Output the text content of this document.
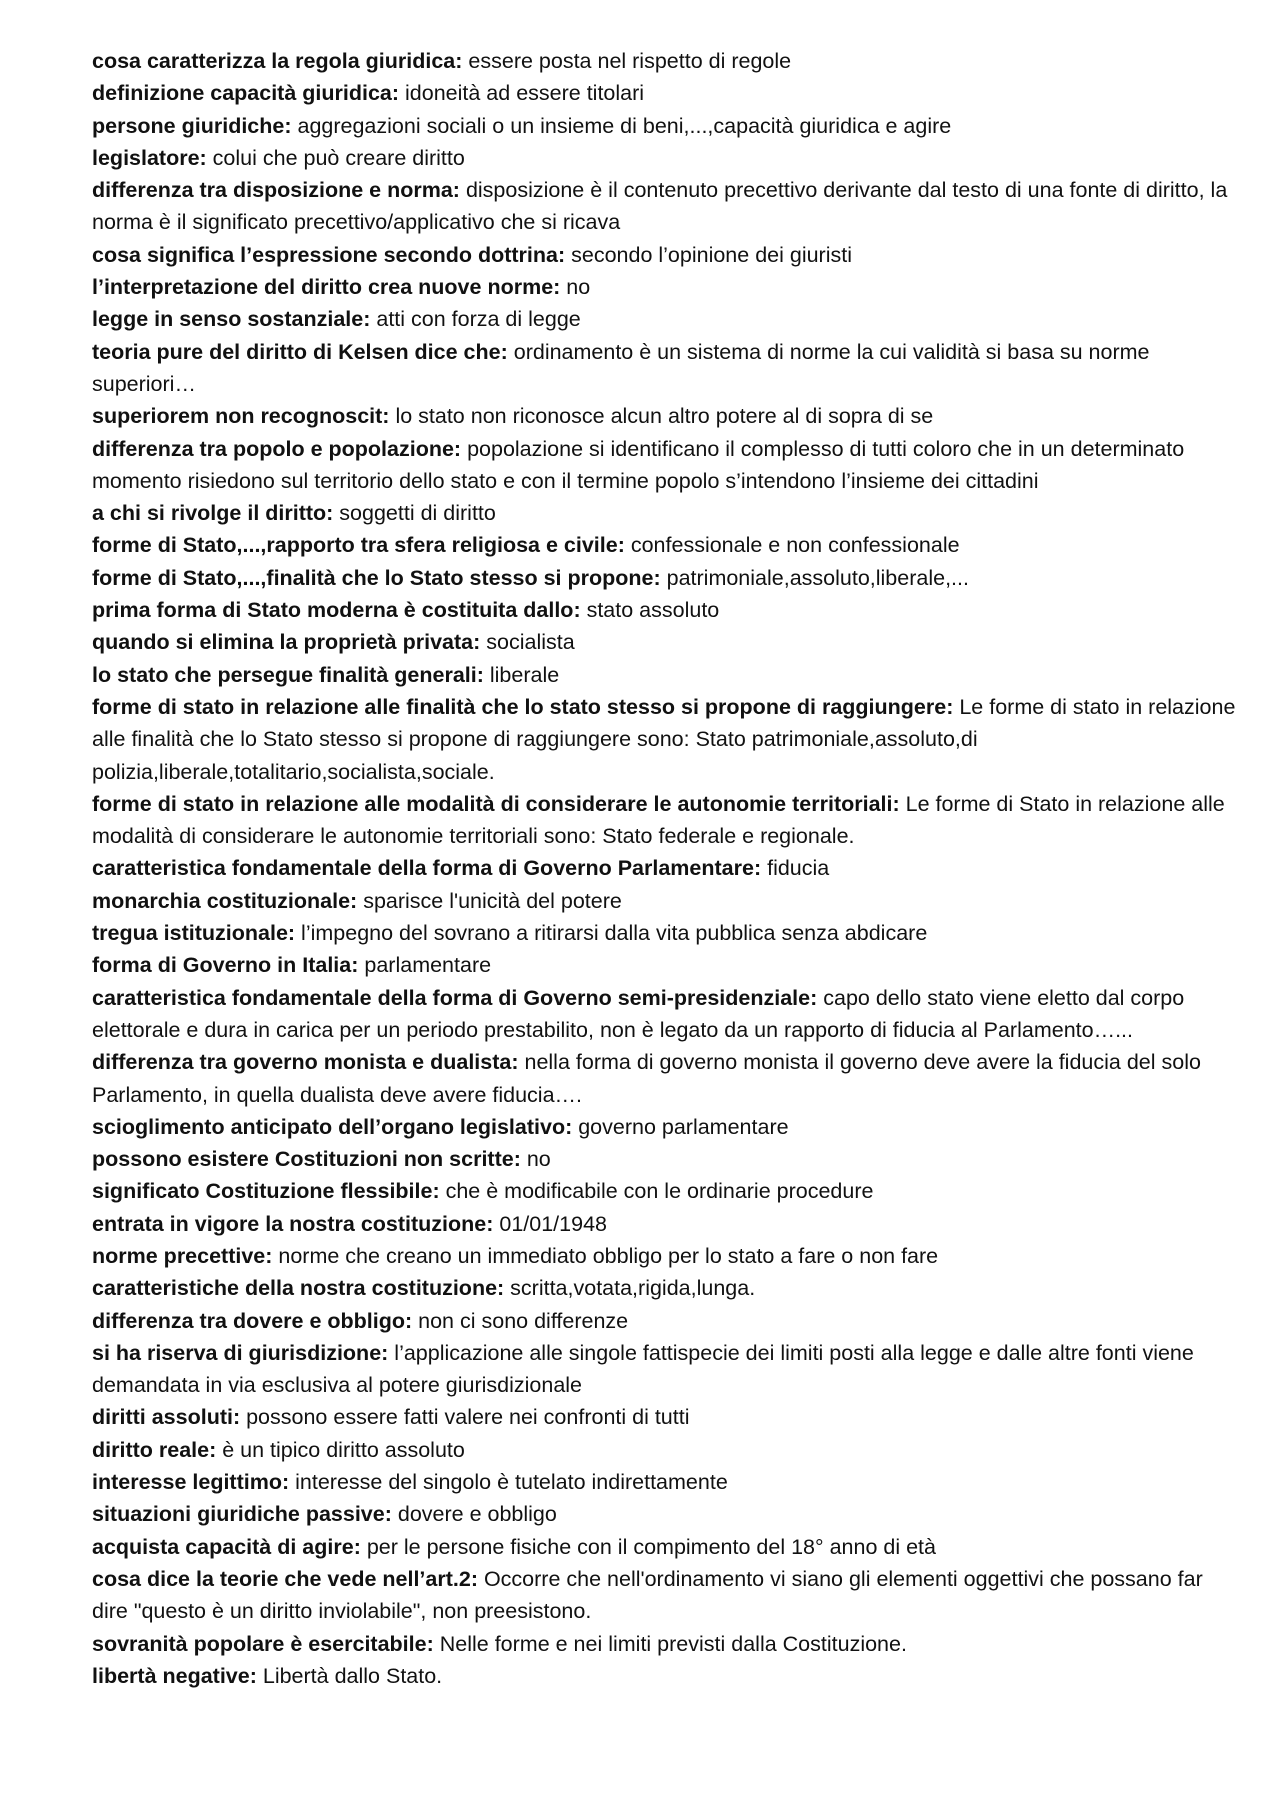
cosa caratterizza la regola giuridica: essere posta nel rispetto di regole

definizione capacità giuridica: idoneità ad essere titolari

persone giuridiche: aggregazioni sociali o un insieme di beni,...,capacità giuridica e agire

legislatore: colui che può creare diritto

differenza tra disposizione e norma: disposizione è il contenuto precettivo derivante dal testo di una fonte di diritto, la norma è il significato precettivo/applicativo che si ricava

cosa significa l’espressione secondo dottrina: secondo l’opinione dei giuristi

l’interpretazione del diritto crea nuove norme: no

legge in senso sostanziale: atti con forza di legge

teoria pure del diritto di Kelsen dice che: ordinamento è un sistema di norme la cui validità si basa su norme superiori…

superiorem non recognoscit: lo stato non riconosce alcun altro potere al di sopra di se

differenza tra popolo e popolazione: popolazione si identificano il complesso di tutti coloro che in un determinato momento risiedono sul territorio dello stato e con il termine popolo s’intendono l’insieme dei cittadini

a chi si rivolge il diritto: soggetti di diritto

forme di Stato,...,rapporto tra sfera religiosa e civile: confessionale e non confessionale

forme di Stato,...,finalità che lo Stato stesso si propone: patrimoniale,assoluto,liberale,...

prima forma di Stato moderna è costituita dallo: stato assoluto

quando si elimina la proprietà privata: socialista

lo stato che persegue finalità generali: liberale

forme di stato in relazione alle finalità che lo stato stesso si propone di raggiungere: Le forme di stato in relazione alle finalità che lo Stato stesso si propone di raggiungere sono: Stato patrimoniale,assoluto,di polizia,liberale,totalitario,socialista,sociale.

forme di stato in relazione alle modalità di considerare le autonomie territoriali: Le forme di Stato in relazione alle modalità di considerare le autonomie territoriali sono: Stato federale e regionale.

caratteristica fondamentale della forma di Governo Parlamentare: fiducia

monarchia costituzionale: sparisce l'unicità del potere

tregua istituzionale: l’impegno del sovrano a ritirarsi dalla vita pubblica senza abdicare

forma di Governo in Italia: parlamentare

caratteristica fondamentale della forma di Governo semi-presidenziale: capo dello stato viene eletto dal corpo elettorale e dura in carica per un periodo prestabilito, non è legato da un rapporto di fiducia al Parlamento…...

differenza tra governo monista e dualista: nella forma di governo monista il governo deve avere la fiducia del solo Parlamento, in quella dualista deve avere fiducia….

scioglimento anticipato dell’organo legislativo: governo parlamentare

possono esistere Costituzioni non scritte: no

significato Costituzione flessibile: che è modificabile con le ordinarie procedure

entrata in vigore la nostra costituzione: 01/01/1948

norme precettive: norme che creano un immediato obbligo per lo stato a fare o non fare

caratteristiche della nostra costituzione: scritta,votata,rigida,lunga.

differenza tra dovere e obbligo: non ci sono differenze

si ha riserva di giurisdizione: l’applicazione alle singole fattispecie dei limiti posti alla legge e dalle altre fonti viene demandata in via esclusiva al potere giurisdizionale

diritti assoluti: possono essere fatti valere nei confronti di tutti

diritto reale: è un tipico diritto assoluto

interesse legittimo: interesse del singolo è tutelato indirettamente

situazioni giuridiche passive: dovere e obbligo

acquista capacità di agire: per le persone fisiche con il compimento del 18° anno di età

cosa dice la teorie che vede nell’art.2: Occorre che nell'ordinamento vi siano gli elementi oggettivi che possano far dire "questo è un diritto inviolabile", non preesistono.

sovranità popolare è esercitabile: Nelle forme e nei limiti previsti dalla Costituzione.

libertà negative: Libertà dallo Stato.
